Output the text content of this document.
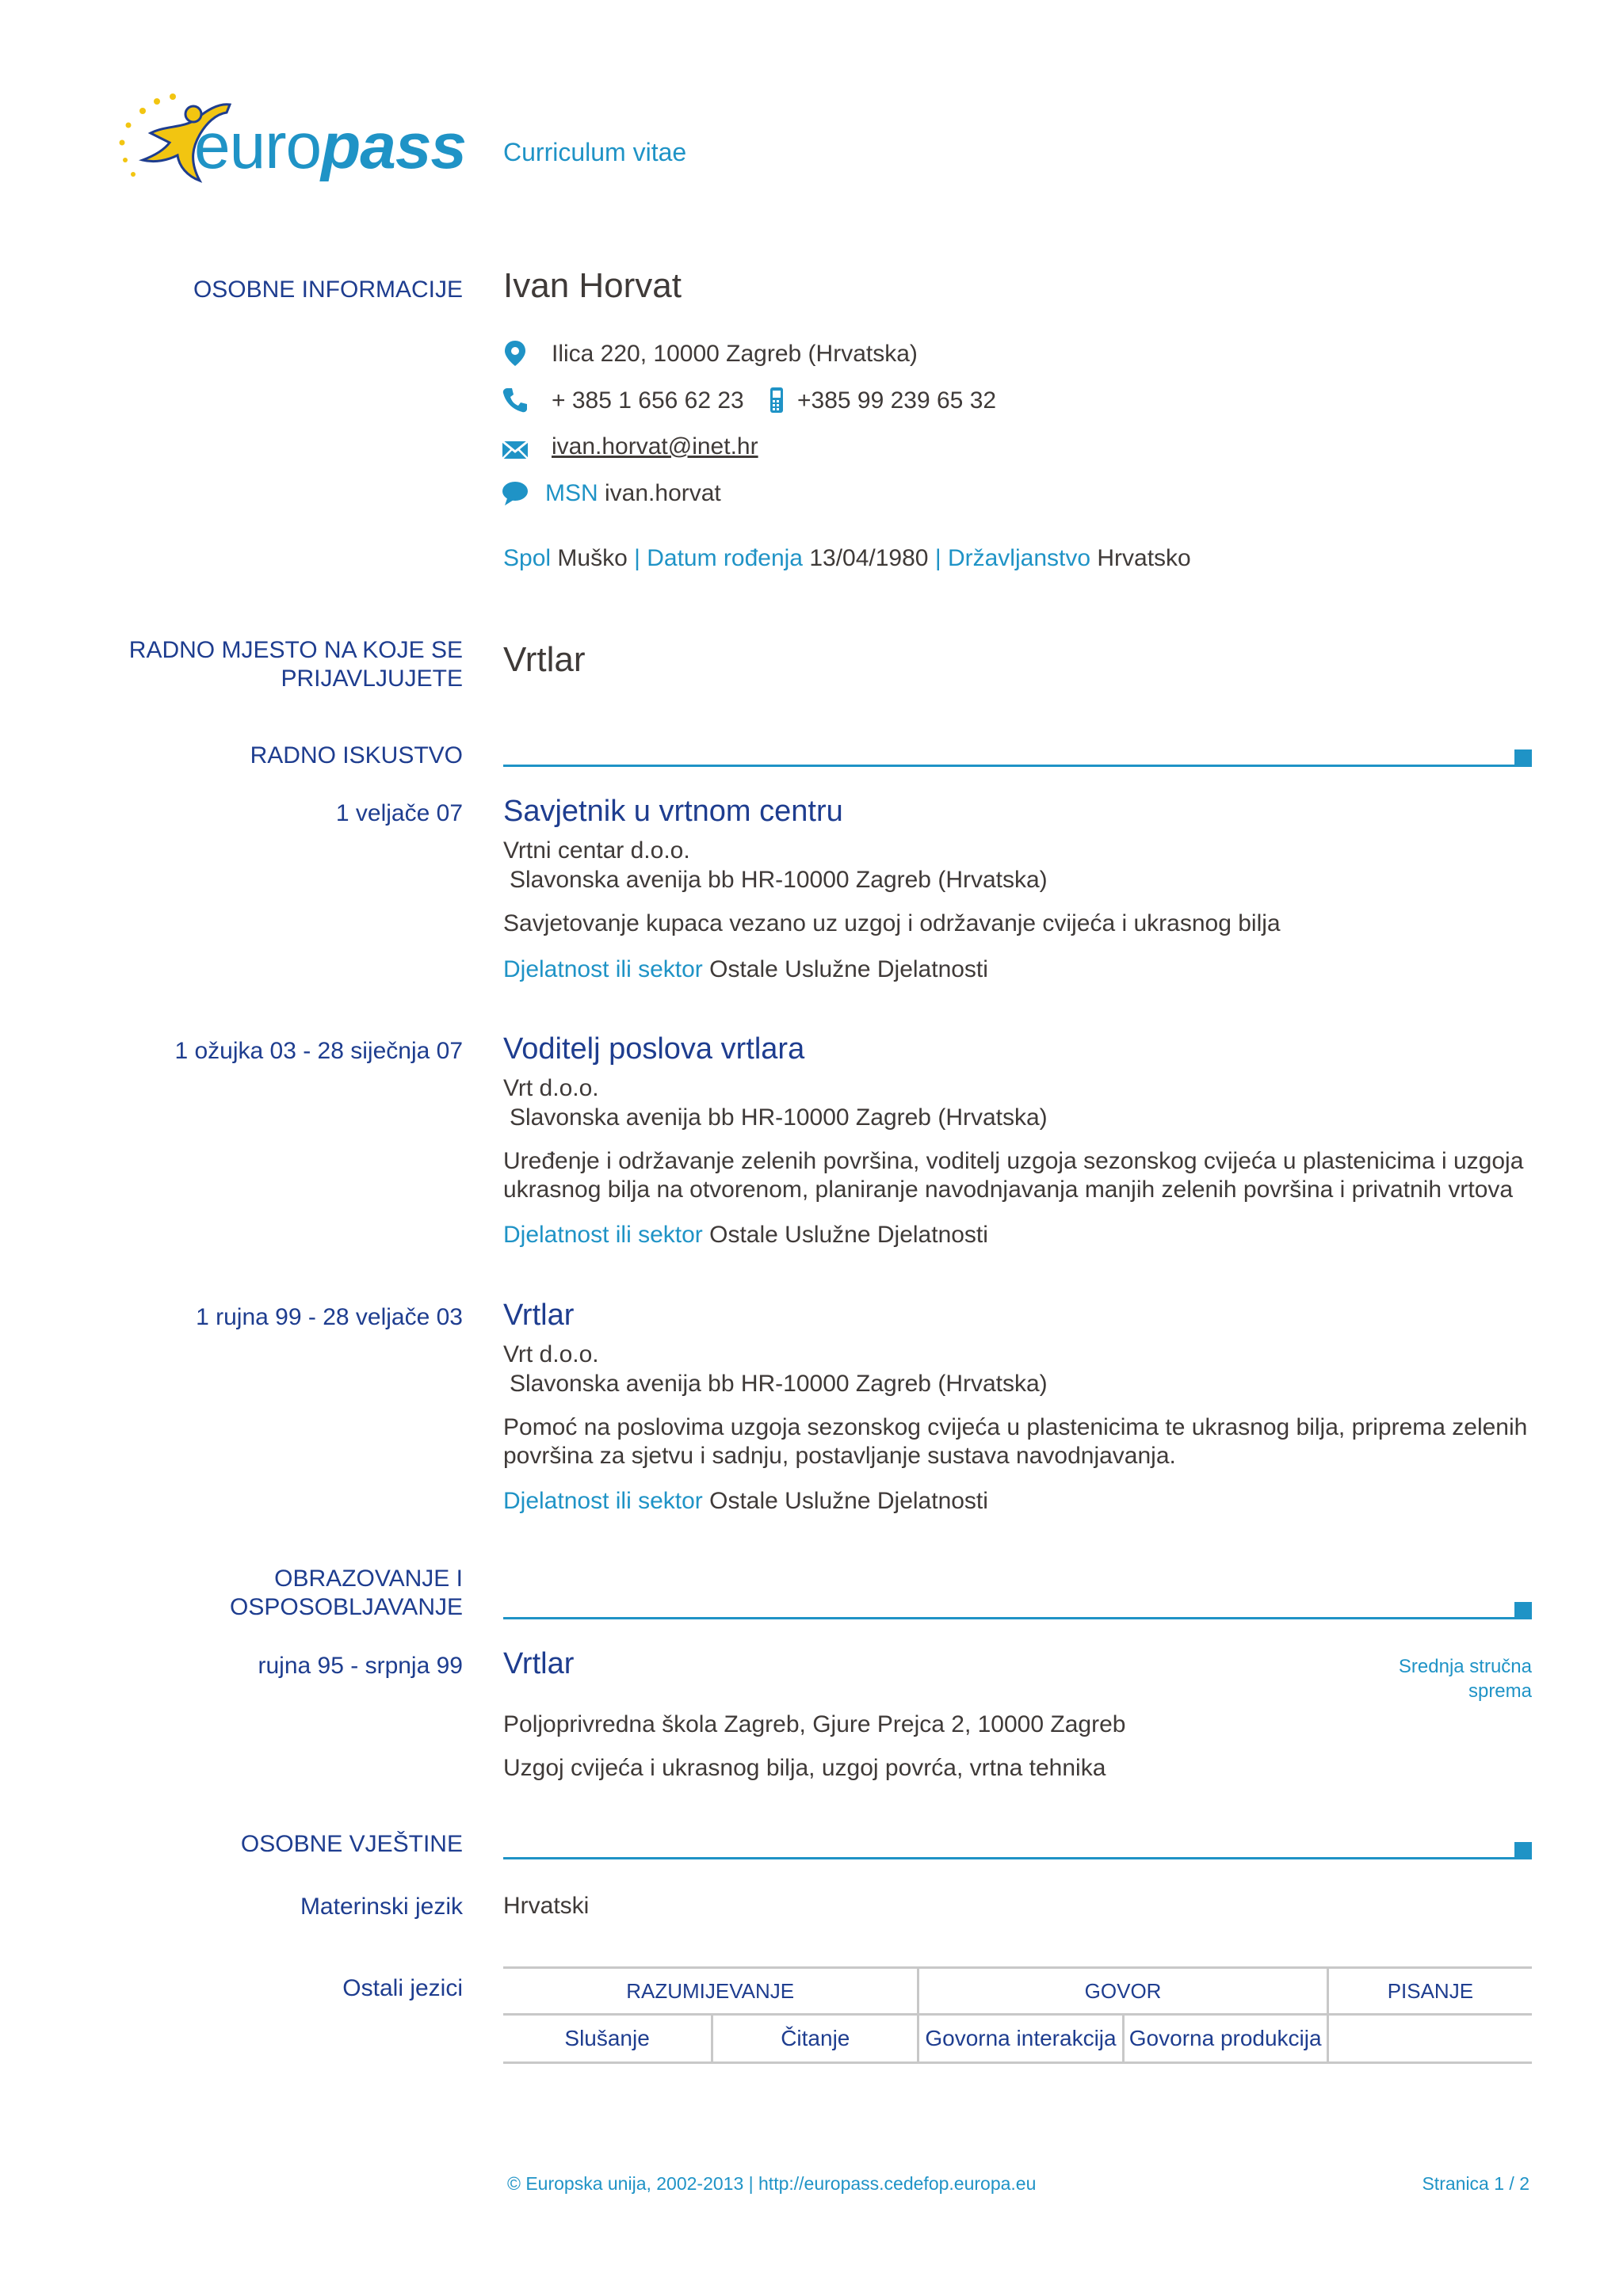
europass Curriculum vitae
OSOBNE INFORMACIJE Ivan Horvat
Ilica 220, 10000 Zagreb (Hrvatska)
+ 385 1 656 62 23 +385 99 239 65 32
ivan.horvat@inet.hr
MSN ivan.horvat
Spol Muško | Datum rođenja 13/04/1980 | Državljanstvo Hrvatsko
RADNO MJESTO NA KOJE SE
PRIJAVLJUJETE Vrtlar
RADNO ISKUSTVO
1 veljače 07 Savjetnik u vrtnom centru
Vrtni centar d.o.o.
Slavonska avenija bb HR-10000 Zagreb (Hrvatska)
Savjetovanje kupaca vezano uz uzgoj i održavanje cvijeća i ukrasnog bilja
Djelatnost ili sektor Ostale Uslužne Djelatnosti
1 ožujka 03 - 28 siječnja 07 Voditelj poslova vrtlara
Vrt d.o.o.
Slavonska avenija bb HR-10000 Zagreb (Hrvatska)
Uređenje i održavanje zelenih površina, voditelj uzgoja sezonskog cvijeća u plastenicima i uzgoja
ukrasnog bilja na otvorenom, planiranje navodnjavanja manjih zelenih površina i privatnih vrtova
Djelatnost ili sektor Ostale Uslužne Djelatnosti
1 rujna 99 - 28 veljače 03 Vrtlar
Vrt d.o.o.
Slavonska avenija bb HR-10000 Zagreb (Hrvatska)
Pomoć na poslovima uzgoja sezonskog cvijeća u plastenicima te ukrasnog bilja, priprema zelenih
površina za sjetvu i sadnju, postavljanje sustava navodnjavanja.
Djelatnost ili sektor Ostale Uslužne Djelatnosti
OBRAZOVANJE I
OSPOSOBLJAVANJE
rujna 95 - srpnja 99 Vrtlar	Srednja stručna
sprema
Poljoprivredna škola Zagreb, Gjure Prejca 2, 10000 Zagreb
Uzgoj cvijeća i ukrasnog bilja, uzgoj povrća, vrtna tehnika
OSOBNE VJEŠTINE
Materinski jezik Hrvatski
Ostali jezici	RAZUMIJEVANJE		GOVOR		PISANJE
Slušanje	Čitanje	Govorna interakcija	Govorna produkcija	
© Europska unija, 2002-2013 | http://europass.cedefop.europa.eu	Stranica 1 / 2
